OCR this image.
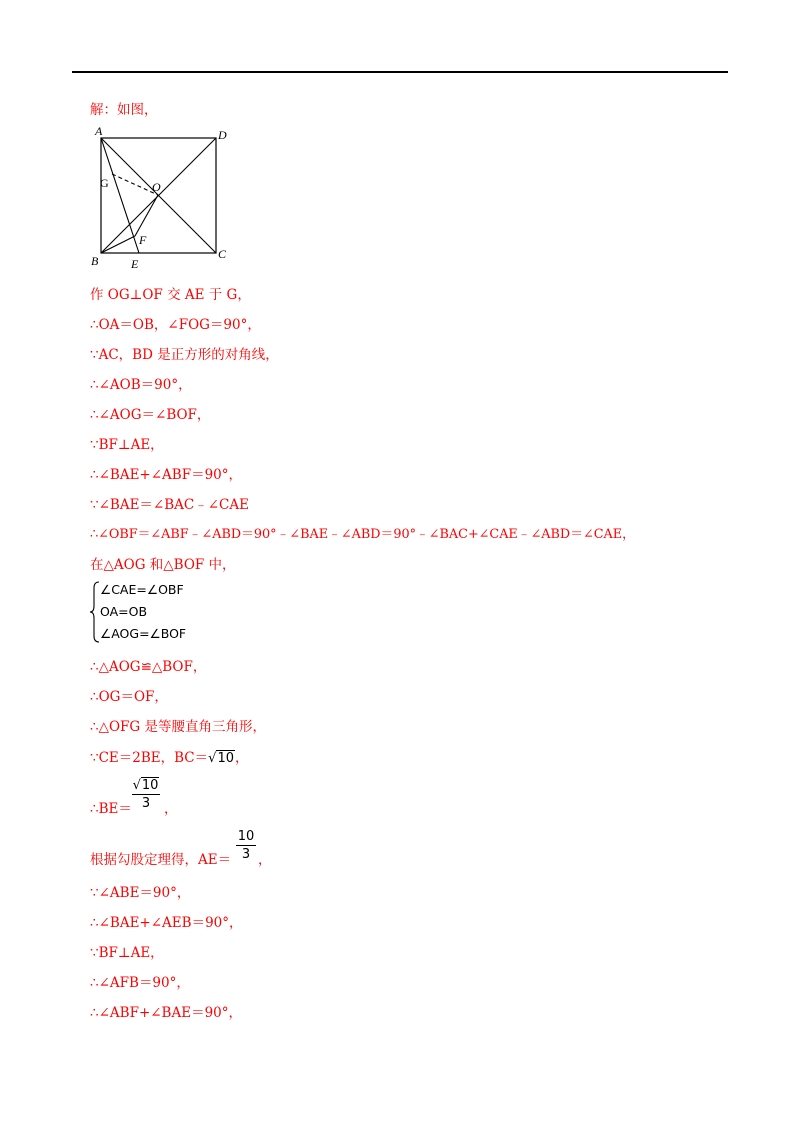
解：如图，
A	D
G	O
F
B	E
C
作 OG⊥OF 交 AE 于 G，
∴OA＝OB，∠FOG＝90°，
∵AC，BD 是正方形的对角线，
∴∠AOB＝90°，
∴∠AOG＝∠BOF，
∵BF⊥AE，
∴∠BAE+∠ABF＝90°，
∵∠BAE＝∠BAC﹣∠CAE
∴∠OBF＝∠ABF﹣∠ABD＝90°﹣∠BAE﹣∠ABD＝90°﹣∠BAC+∠CAE﹣∠ABD＝∠CAE，
在△AOG 和△BOF 中，
∠CAE=∠OBF
OA=OB
∠AOG=∠BOF
∴△AOG≌△BOF，
∴OG＝OF，
∴△OFG 是等腰直角三角形，
∵CE＝2BE，BC＝√10，
∴BE＝
√10
3	，
根据勾股定理得，AE＝
10
3 ，
∵∠ABE＝90°，
∴∠BAE+∠AEB＝90°，
∵BF⊥AE，
∴∠AFB＝90°，
∴∠ABF+∠BAE＝90°，
